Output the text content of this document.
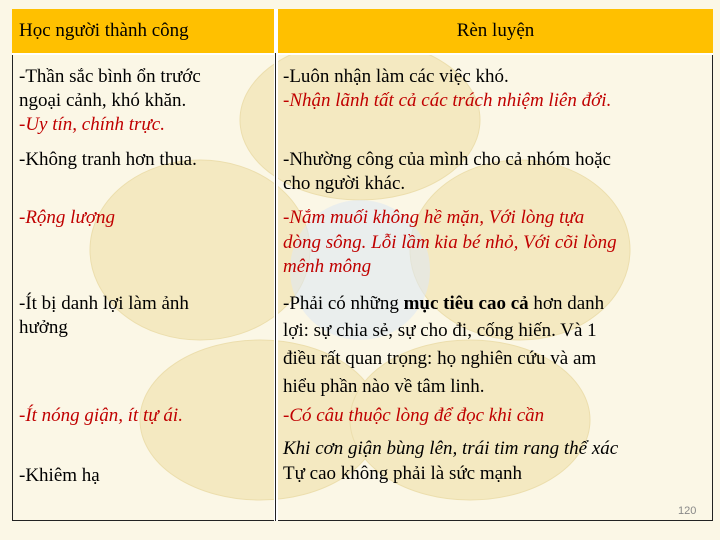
Học người thành công	Rèn luyện
-Thần sắc bình ổn trước
ngoại cảnh, khó khăn.
-Uy tín, chính trực.
-Không tranh hơn thua.
-Rộng lượng
-Ít bị danh lợi làm ảnh
hưởng
-Ít nóng giận, ít tự ái.
-Khiêm hạ
-Luôn nhận làm các việc khó.
-Nhận lãnh tất cả các trách nhiệm liên đới.
-Nhường công của mình cho cả nhóm hoặc
cho người khác.
-Nắm muối không hề mặn, Với lòng tựa
dòng sông. Lỗi lầm kia bé nhỏ, Với cõi lòng
mênh mông
-Phải có những mục tiêu cao cả hơn danh
lợi: sự chia sẻ, sự cho đi, cống hiến. Và 1
điều rất quan trọng: họ nghiên cứu và am
hiểu phần nào về tâm linh.
-Có câu thuộc lòng để đọc khi cần
Khi cơn giận bùng lên, trái tim rang thể xác
Tự cao không phải là sức mạnh
120
